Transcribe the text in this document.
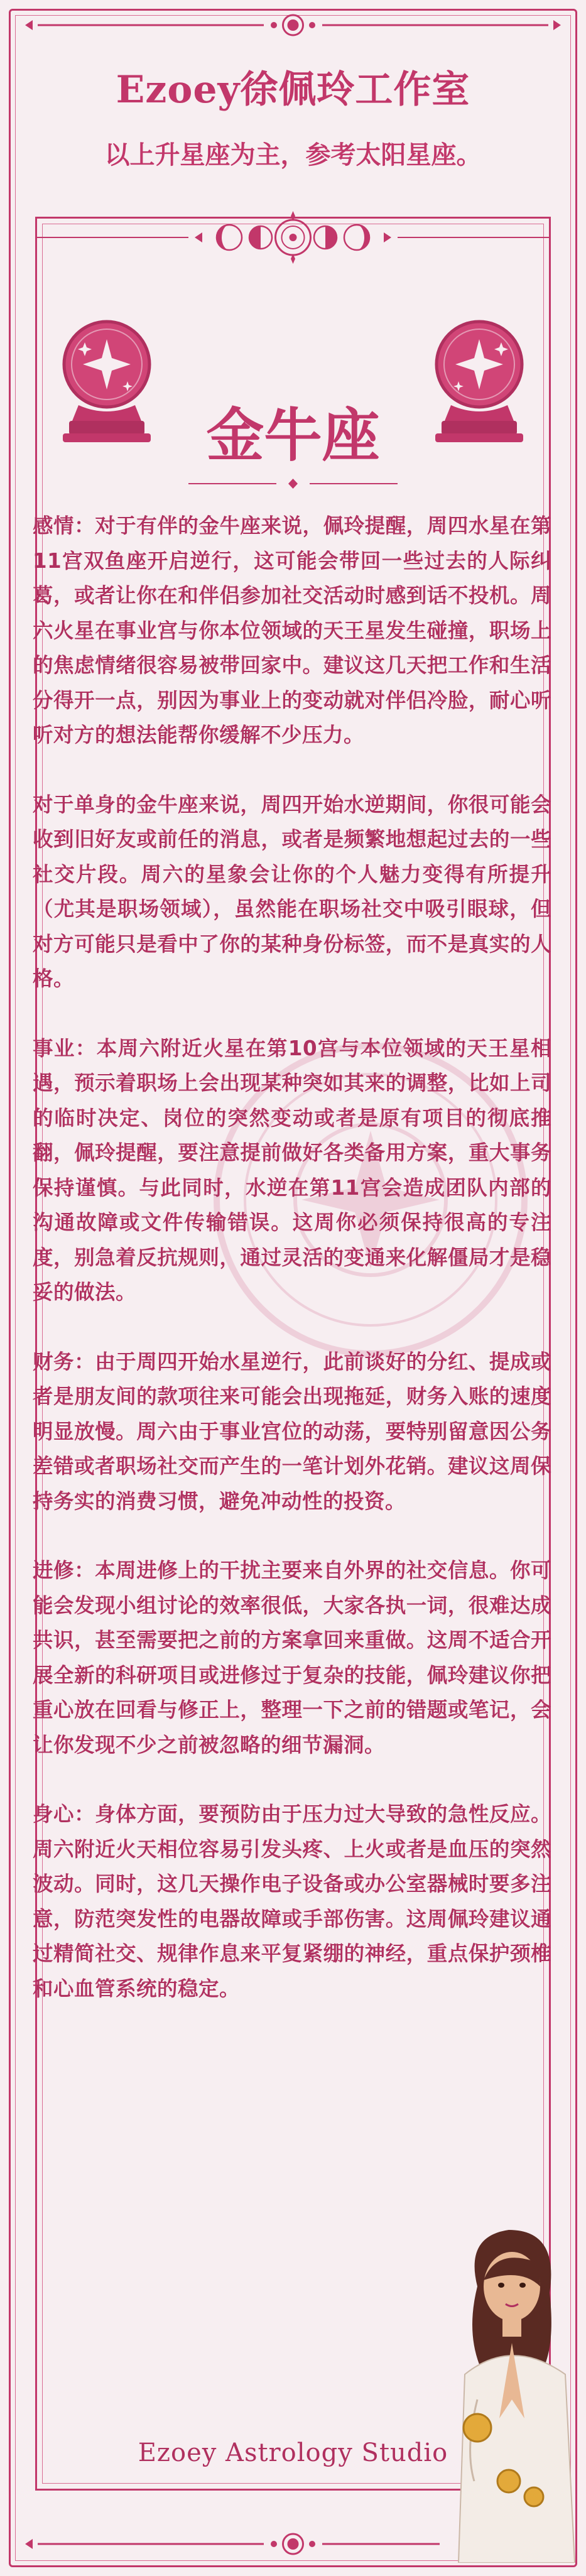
Ezoey徐佩玲工作室
以上升星座为主，参考太阳星座。
金牛座

感情：对于有伴的金牛座来说，佩玲提醒，周四水星在第11宫双鱼座开启逆行，这可能会带回一些过去的人际纠葛，或者让你在和伴侣参加社交活动时感到话不投机。周六火星在事业宫与你本位领域的天王星发生碰撞，职场上的焦虑情绪很容易被带回家中。建议这几天把工作和生活分得开一点，别因为事业上的变动就对伴侣冷脸，耐心听听对方的想法能帮你缓解不少压力。

对于单身的金牛座来说，周四开始水逆期间，你很可能会收到旧好友或前任的消息，或者是频繁地想起过去的一些社交片段。周六的星象会让你的个人魅力变得有所提升（尤其是职场领域），虽然能在职场社交中吸引眼球，但对方可能只是看中了你的某种身份标签，而不是真实的人格。

事业：本周六附近火星在第10宫与本位领域的天王星相遇，预示着职场上会出现某种突如其来的调整，比如上司的临时决定、岗位的突然变动或者是原有项目的彻底推翻，佩玲提醒，要注意提前做好各类备用方案，重大事务保持谨慎。与此同时，水逆在第11宫会造成团队内部的沟通故障或文件传输错误。这周你必须保持很高的专注度，别急着反抗规则，通过灵活的变通来化解僵局才是稳妥的做法。

财务：由于周四开始水星逆行，此前谈好的分红、提成或者是朋友间的款项往来可能会出现拖延，财务入账的速度明显放慢。周六由于事业宫位的动荡，要特别留意因公务差错或者职场社交而产生的一笔计划外花销。建议这周保持务实的消费习惯，避免冲动性的投资。

进修：本周进修上的干扰主要来自外界的社交信息。你可能会发现小组讨论的效率很低，大家各执一词，很难达成共识，甚至需要把之前的方案拿回来重做。这周不适合开展全新的科研项目或进修过于复杂的技能，佩玲建议你把重心放在回看与修正上，整理一下之前的错题或笔记，会让你发现不少之前被忽略的细节漏洞。

身心：身体方面，要预防由于压力过大导致的急性反应。周六附近火天相位容易引发头疼、上火或者是血压的突然波动。同时，这几天操作电子设备或办公室器械时要多注意，防范突发性的电器故障或手部伤害。这周佩玲建议通过精简社交、规律作息来平复紧绷的神经，重点保护颈椎和心血管系统的稳定。

Ezoey Astrology Studio
